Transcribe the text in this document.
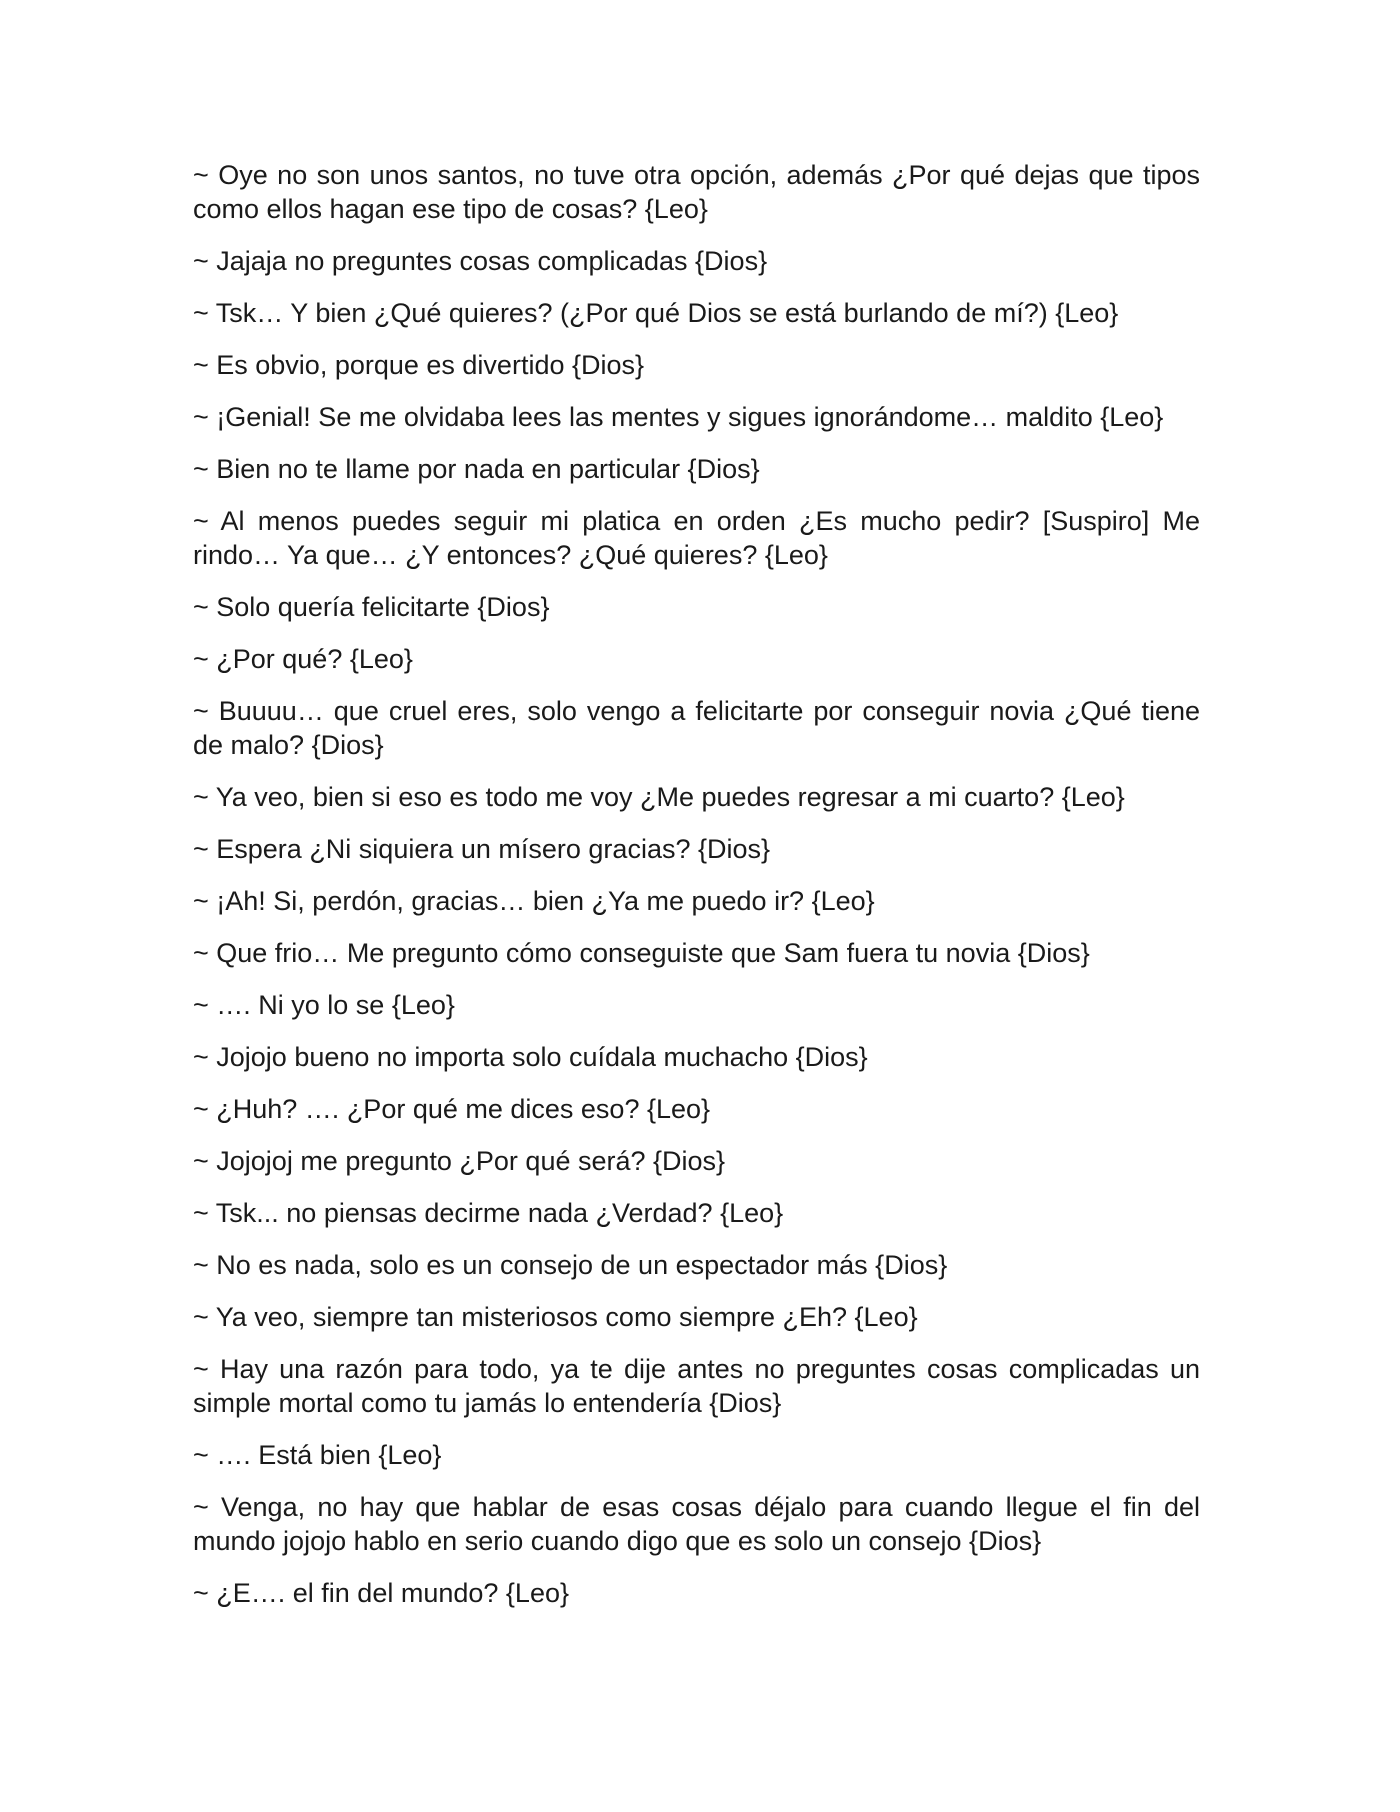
~ Oye no son unos santos, no tuve otra opción, además ¿Por qué dejas que tipos como ellos hagan ese tipo de cosas? {Leo}

~ Jajaja no preguntes cosas complicadas {Dios}

~ Tsk… Y bien ¿Qué quieres? (¿Por qué Dios se está burlando de mí?) {Leo}

~ Es obvio, porque es divertido {Dios}

~ ¡Genial! Se me olvidaba lees las mentes y sigues ignorándome… maldito {Leo}

~ Bien no te llame por nada en particular {Dios}

~ Al menos puedes seguir mi platica en orden ¿Es mucho pedir? [Suspiro] Me rindo… Ya que… ¿Y entonces? ¿Qué quieres? {Leo}

~ Solo quería felicitarte {Dios}

~ ¿Por qué? {Leo}

~ Buuuu… que cruel eres, solo vengo a felicitarte por conseguir novia ¿Qué tiene de malo? {Dios}

~ Ya veo, bien si eso es todo me voy ¿Me puedes regresar a mi cuarto? {Leo}

~ Espera ¿Ni siquiera un mísero gracias? {Dios}

~ ¡Ah! Si, perdón, gracias… bien ¿Ya me puedo ir? {Leo}

~ Que frio… Me pregunto cómo conseguiste que Sam fuera tu novia {Dios}

~ …. Ni yo lo se {Leo}

~ Jojojo bueno no importa solo cuídala muchacho {Dios}

~ ¿Huh? …. ¿Por qué me dices eso? {Leo}

~ Jojojoj me pregunto ¿Por qué será? {Dios}

~ Tsk... no piensas decirme nada ¿Verdad? {Leo}

~ No es nada, solo es un consejo de un espectador más {Dios}

~ Ya veo, siempre tan misteriosos como siempre ¿Eh? {Leo}

~ Hay una razón para todo, ya te dije antes no preguntes cosas complicadas un simple mortal como tu jamás lo entendería {Dios}

~ …. Está bien {Leo}

~ Venga, no hay que hablar de esas cosas déjalo para cuando llegue el fin del mundo jojojo hablo en serio cuando digo que es solo un consejo {Dios}

~ ¿E…. el fin del mundo? {Leo}
